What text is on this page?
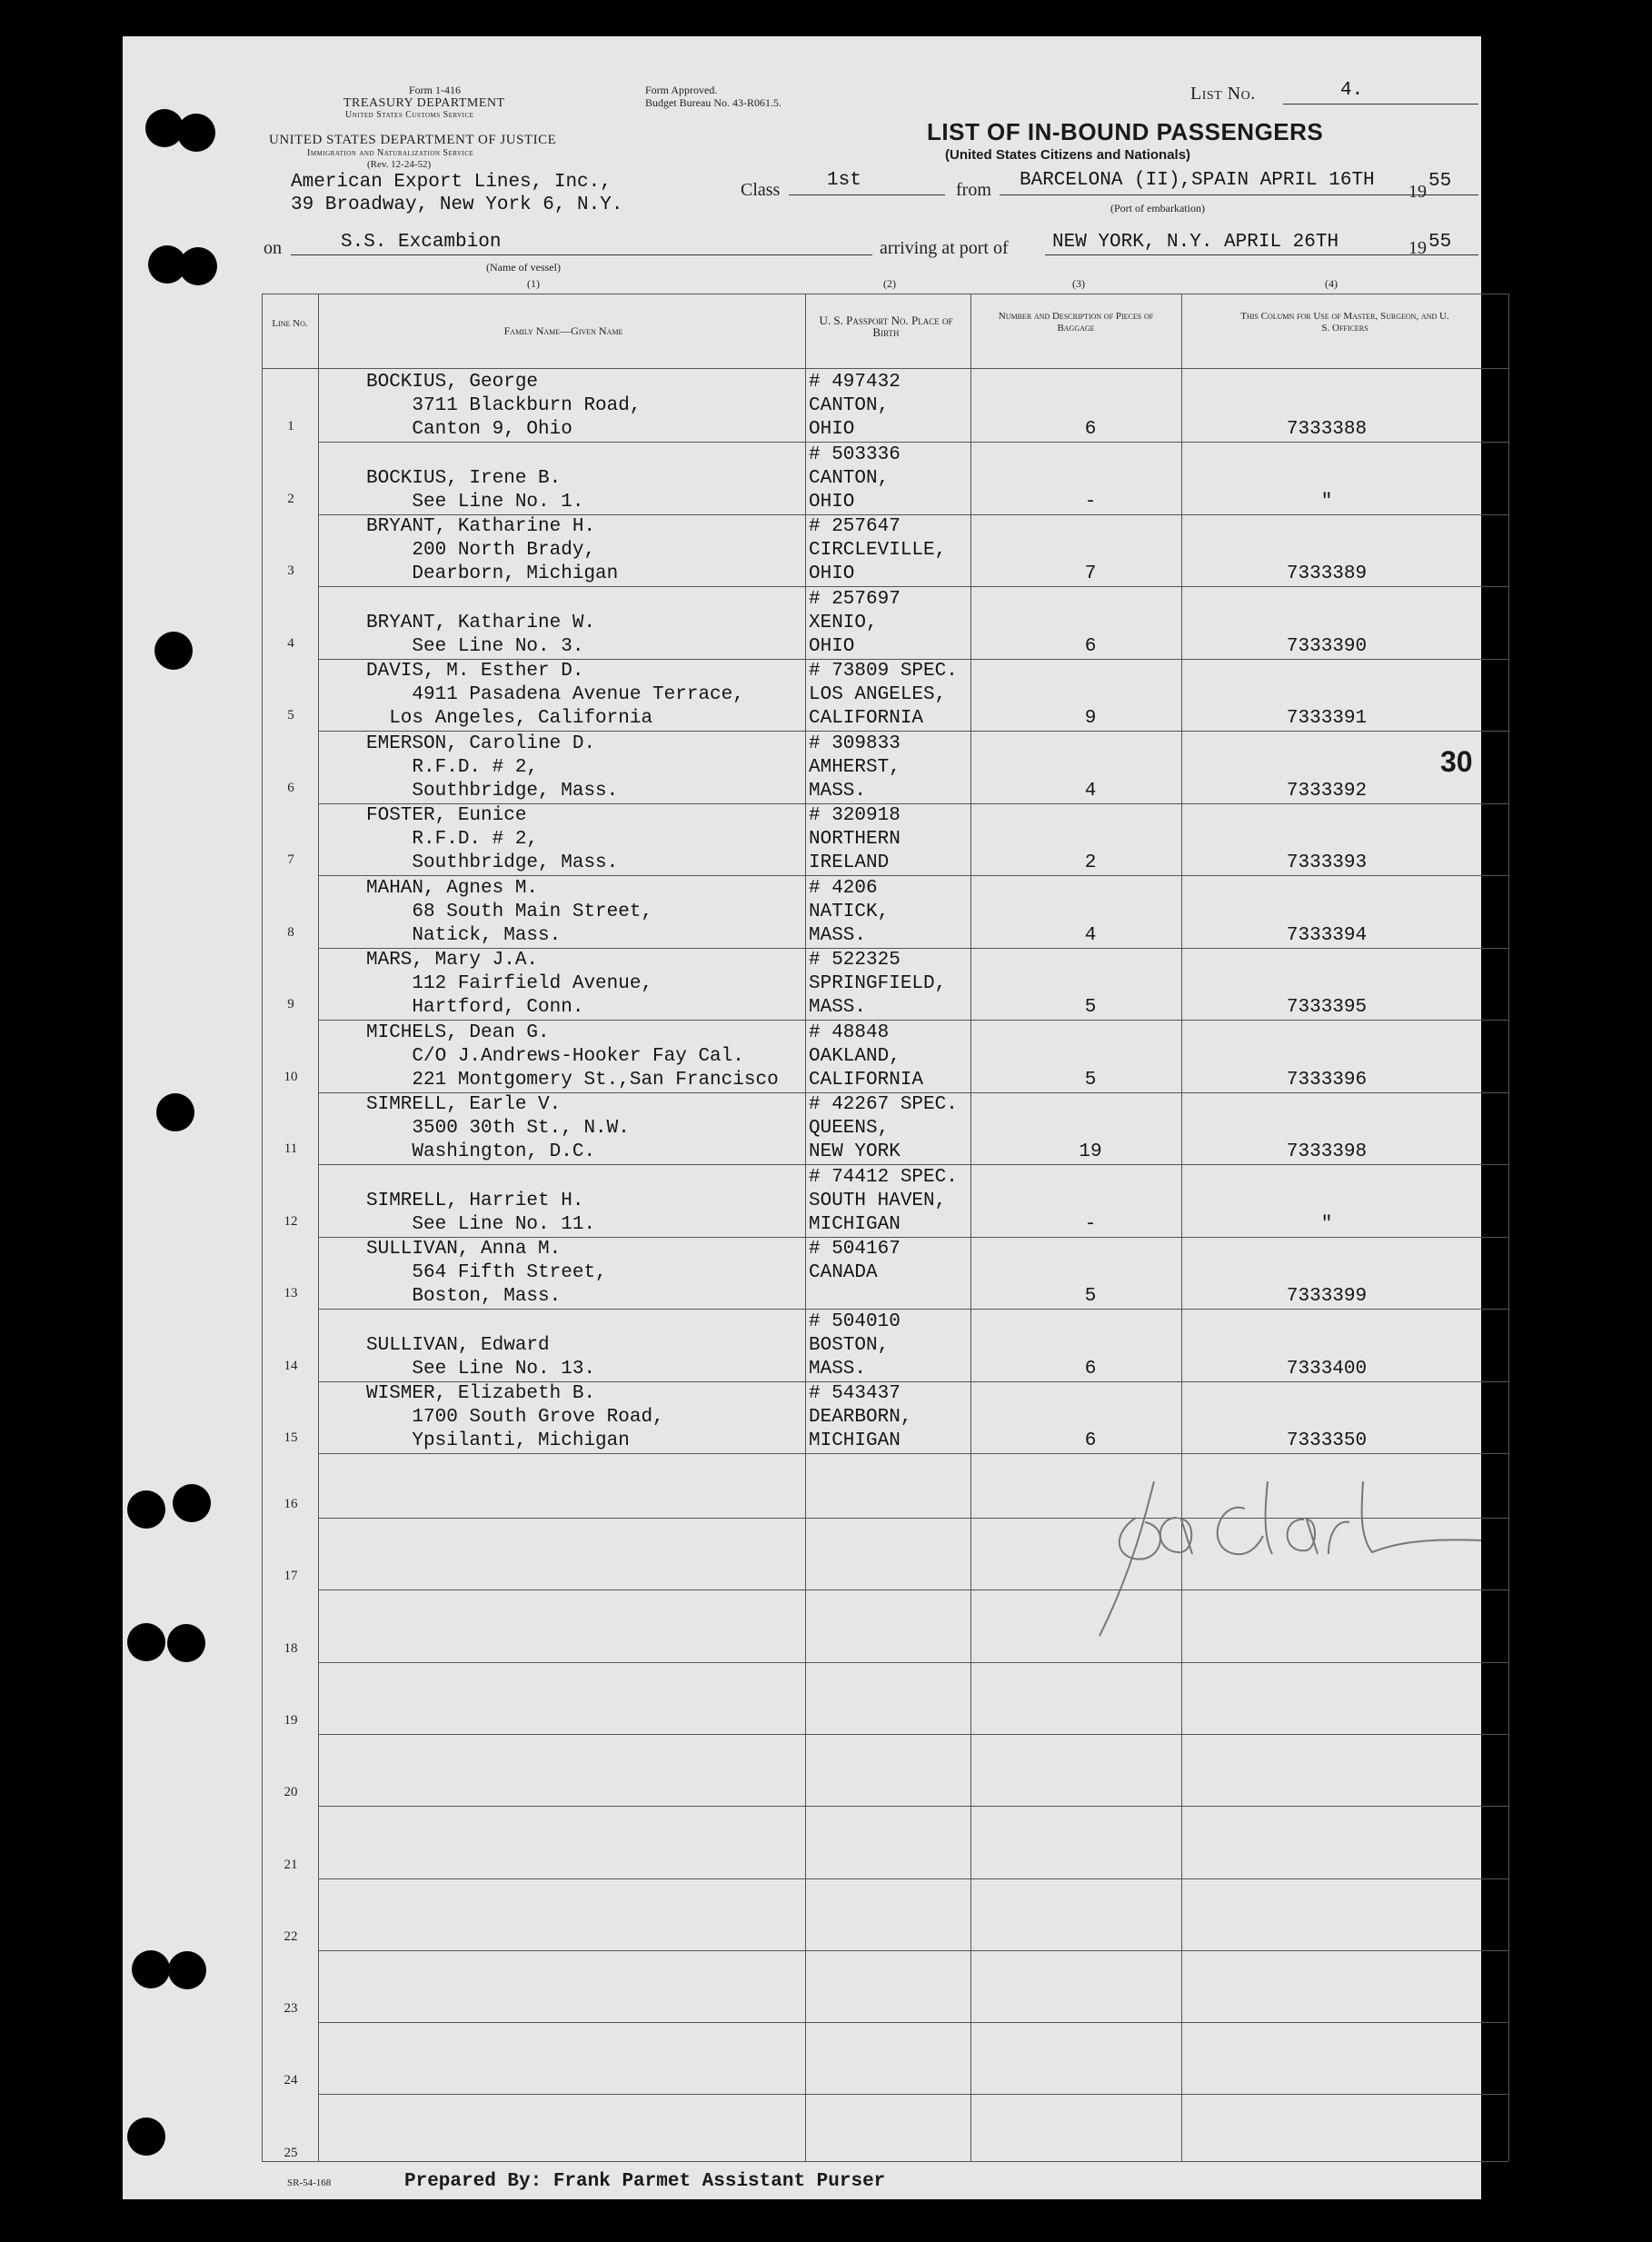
Form 1-416
TREASURY DEPARTMENT
United States Customs Service
Form Approved.
Budget Bureau No. 43-R061.5.
UNITED STATES DEPARTMENT OF JUSTICE
Immigration and Naturalization Service
(Rev. 12-24-52)
American Export Lines, Inc.,
39 Broadway, New York 6, N.Y.
List No.	4.
LIST OF IN-BOUND PASSENGERS
(United States Citizens and Nationals)
Class 1st	from BARCELONA (II),SPAIN APRIL 16TH
19 55
(Port of embarkation)
on	S.S. Excambion
(Name of vessel)
arriving at port of NEW YORK, N.Y. APRIL 26TH	19 55
(1)	(2)	(3)	(4)
30
Line No.
Family Name—Given Name
U. S. Passport No. Place of Birth
Number and Description of Pieces of Baggage
This Column for Use of Master, Surgeon, and U. S. Officers
1
BOCKIUS, George
3711 Blackburn Road,
Canton 9, Ohio
# 497432
CANTON,
OHIO	6	7333388
2
BOCKIUS, Irene B.
See Line No. 1.
# 503336
CANTON,
OHIO	-	"
3
BRYANT, Katharine H.
200 North Brady,
Dearborn, Michigan
# 257647
CIRCLEVILLE,
OHIO	7	7333389
4
BRYANT, Katharine W.
See Line No. 3.
# 257697
XENIO,
OHIO	6	7333390
5
DAVIS, M. Esther D.
4911 Pasadena Avenue Terrace,
Los Angeles, California
# 73809 SPEC.
LOS ANGELES,
CALIFORNIA	9	7333391
6
EMERSON, Caroline D.
R.F.D. # 2,
Southbridge, Mass.
# 309833
AMHERST,
MASS.	4	7333392
7
FOSTER, Eunice
R.F.D. # 2,
Southbridge, Mass.
# 320918
NORTHERN
IRELAND	2	7333393
8
MAHAN, Agnes M.
68 South Main Street,
Natick, Mass.
# 4206
NATICK,
MASS.	4	7333394
9
MARS, Mary J.A.
112 Fairfield Avenue,
Hartford, Conn.
# 522325
SPRINGFIELD,
MASS.	5	7333395
10
MICHELS, Dean G.
C/O J.Andrews-Hooker Fay Cal.
221 Montgomery St.,San Francisco
# 48848
OAKLAND,
CALIFORNIA	5	7333396
11
SIMRELL, Earle V.
3500 30th St., N.W.
Washington, D.C.
# 42267 SPEC.
QUEENS,
NEW YORK	19	7333398
12
SIMRELL, Harriet H.
See Line No. 11.
# 74412 SPEC.
SOUTH HAVEN,
MICHIGAN	-	"
13
SULLIVAN, Anna M.
564 Fifth Street,
Boston, Mass.
# 504167
CANADA
5	7333399
14
SULLIVAN, Edward
See Line No. 13.
# 504010
BOSTON,
MASS.	6	7333400
15
WISMER, Elizabeth B.
1700 South Grove Road,
Ypsilanti, Michigan
# 543437
DEARBORN,
MICHIGAN	6	7333350
16
17
18
19
20
21
22
23
24
25
SR-54-168	Prepared By: Frank Parmet Assistant Purser
